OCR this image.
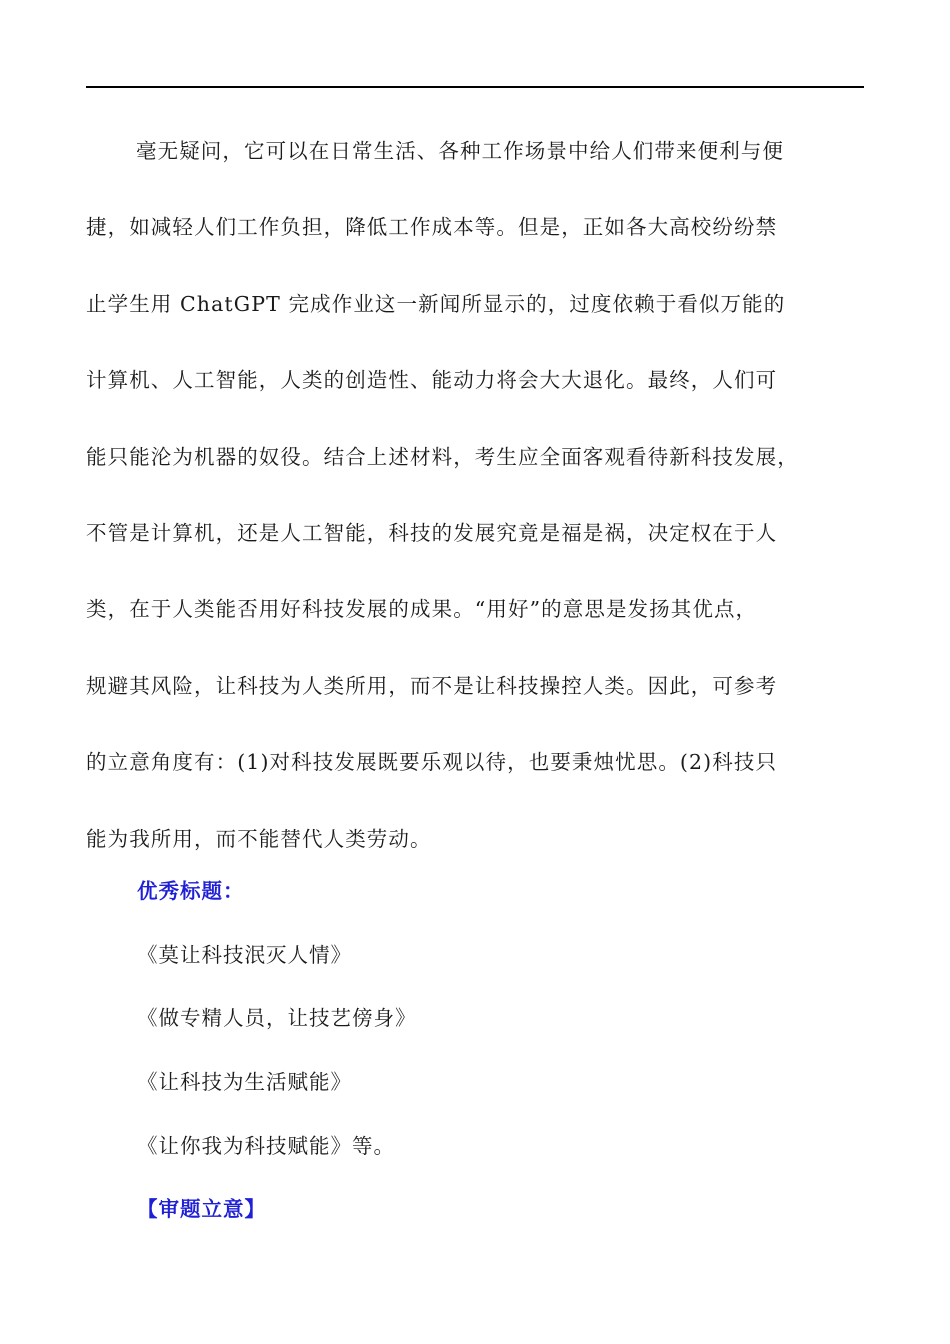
毫无疑问，它可以在日常生活、各种工作场景中给人们带来便利与便
捷，如减轻人们工作负担，降低工作成本等。但是，正如各大高校纷纷禁
止学生用 ChatGPT 完成作业这一新闻所显示的，过度依赖于看似万能的
计算机、人工智能，人类的创造性、能动力将会大大退化。最终，人们可
能只能沦为机器的奴役。结合上述材料，考生应全面客观看待新科技发展，
不管是计算机，还是人工智能，科技的发展究竟是福是祸，决定权在于人
类，在于人类能否用好科技发展的成果。“用好”的意思是发扬其优点，
规避其风险，让科技为人类所用，而不是让科技操控人类。因此，可参考
的立意角度有：(1)对科技发展既要乐观以待，也要秉烛忧思。(2)科技只
能为我所用，而不能替代人类劳动。

优秀标题：

《莫让科技泯灭人情》

《做专精人员，让技艺傍身》

《让科技为生活赋能》

《让你我为科技赋能》等。

【审题立意】
